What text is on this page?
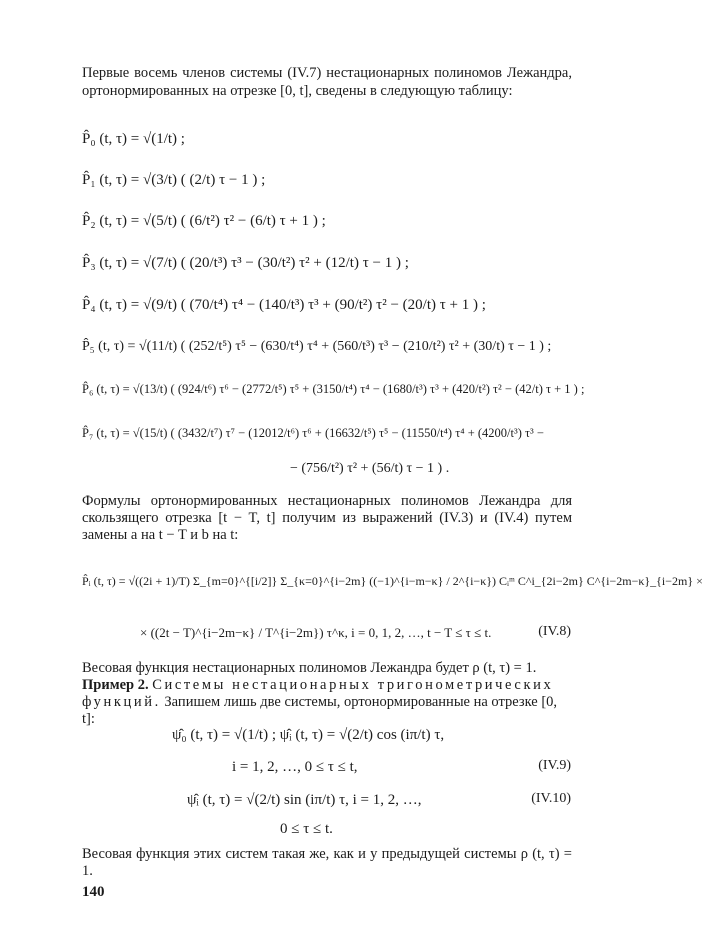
Первые восемь членов системы (IV.7) нестационарных полиномов Лежандра, ортонормированных на отрезке [0, t], сведены в следующую таблицу:
P̂₀ (t, τ) = √(1/t) ;
P̂₁ (t, τ) = √(3/t) ( (2/t) τ − 1 ) ;
P̂₂ (t, τ) = √(5/t) ( (6/t²) τ² − (6/t) τ + 1 ) ;
P̂₃ (t, τ) = √(7/t) ( (20/t³) τ³ − (30/t²) τ² + (12/t) τ − 1 ) ;
P̂₄ (t, τ) = √(9/t) ( (70/t⁴) τ⁴ − (140/t³) τ³ + (90/t²) τ² − (20/t) τ + 1 ) ;
P̂₅ (t, τ) = √(11/t) ( (252/t⁵) τ⁵ − (630/t⁴) τ⁴ + (560/t³) τ³ − (210/t²) τ² + (30/t) τ − 1 ) ;
P̂₆ (t, τ) = √(13/t) ( (924/t⁶) τ⁶ − (2772/t⁵) τ⁵ + (3150/t⁴) τ⁴ − (1680/t³) τ³ + (420/t²) τ² − (42/t) τ + 1 ) ;
P̂₇ (t, τ) = √(15/t) ( (3432/t⁷) τ⁷ − (12012/t⁶) τ⁶ + (16632/t⁵) τ⁵ − (11550/t⁴) τ⁴ + (4200/t³) τ³ −
− (756/t²) τ² + (56/t) τ − 1 ) .
Формулы ортонормированных нестационарных полиномов Лежандра для скользящего отрезка [t − T, t] получим из выражений (IV.3) и (IV.4) путем замены a на t − T и b на t:
P̂ᵢ (t, τ) = √((2i + 1)/T) Σ_{m=0}^{[i/2]} Σ_{κ=0}^{i−2m} ((−1)^{i−m−κ} / 2^{i−κ}) Cᵢᵐ C^i_{2i−2m} C^{i−2m−κ}_{i−2m} ×
× ((2t − T)^{i−2m−κ} / T^{i−2m}) τ^κ, i = 0, 1, 2, …, t − T ≤ τ ≤ t.	(IV.8)
Весовая функция нестационарных полиномов Лежандра будет ρ (t, τ) = 1.
Пример 2. Системы нестационарных тригонометрических функций. Запишем лишь две системы, ортонормированные на отрезке [0, t]:
ψ̂₀ (t, τ) = √(1/t) ; ψ̂ᵢ (t, τ) = √(2/t) cos (iπ/t) τ,
i = 1, 2, …, 0 ≤ τ ≤ t,	(IV.9)
ψ̂ᵢ (t, τ) = √(2/t) sin (iπ/t) τ, i = 1, 2, …,	(IV.10)
0 ≤ τ ≤ t.
Весовая функция этих систем такая же, как и у предыдущей системы ρ (t, τ) = 1.
140
